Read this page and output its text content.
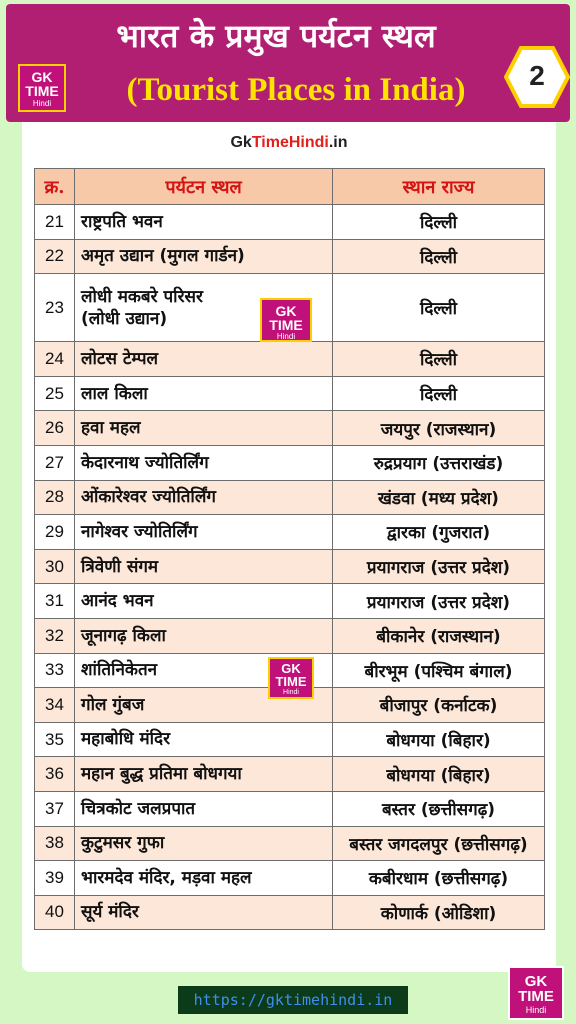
भारत के प्रमुख पर्यटन स्थल
(Tourist Places in India)
GK
TIME
Hindi
2
GkTimeHindi.in
क्र.	पर्यटन स्थल	स्थान राज्य
21	राष्ट्रपति भवन	दिल्ली
22	अमृत उद्यान (मुगल गार्डन)	दिल्ली
23	लोधी मकबरे परिसर
(लोधी उद्यान)	दिल्ली
24	लोटस टेम्पल	दिल्ली
25	लाल किला	दिल्ली
26	हवा महल	जयपुर (राजस्थान)
27	केदारनाथ ज्योतिर्लिंग	रुद्रप्रयाग (उत्तराखंड)
28	ओंकारेश्वर ज्योतिर्लिंग	खंडवा (मध्य प्रदेश)
29	नागेश्वर ज्योतिर्लिंग	द्वारका (गुजरात)
30	त्रिवेणी संगम	प्रयागराज (उत्तर प्रदेश)
31	आनंद भवन	प्रयागराज (उत्तर प्रदेश)
32	जूनागढ़ किला	बीकानेर (राजस्थान)
33	शांतिनिकेतन	बीरभूम (पश्चिम बंगाल)
34	गोल गुंबज	बीजापुर (कर्नाटक)
35	महाबोधि मंदिर	बोधगया (बिहार)
36	महान बुद्ध प्रतिमा बोधगया	बोधगया (बिहार)
37	चित्रकोट जलप्रपात	बस्तर (छत्तीसगढ़)
38	कुटुमसर गुफा	बस्तर जगदलपुर (छत्तीसगढ़)
39	भारमदेव मंदिर, मड़वा महल	कबीरधाम (छत्तीसगढ़)
40	सूर्य मंदिर	कोणार्क (ओडिशा)
GK
TIME
Hindi
GK
TIME
Hindi
https://gktimehindi.in
GK
TIME
Hindi
